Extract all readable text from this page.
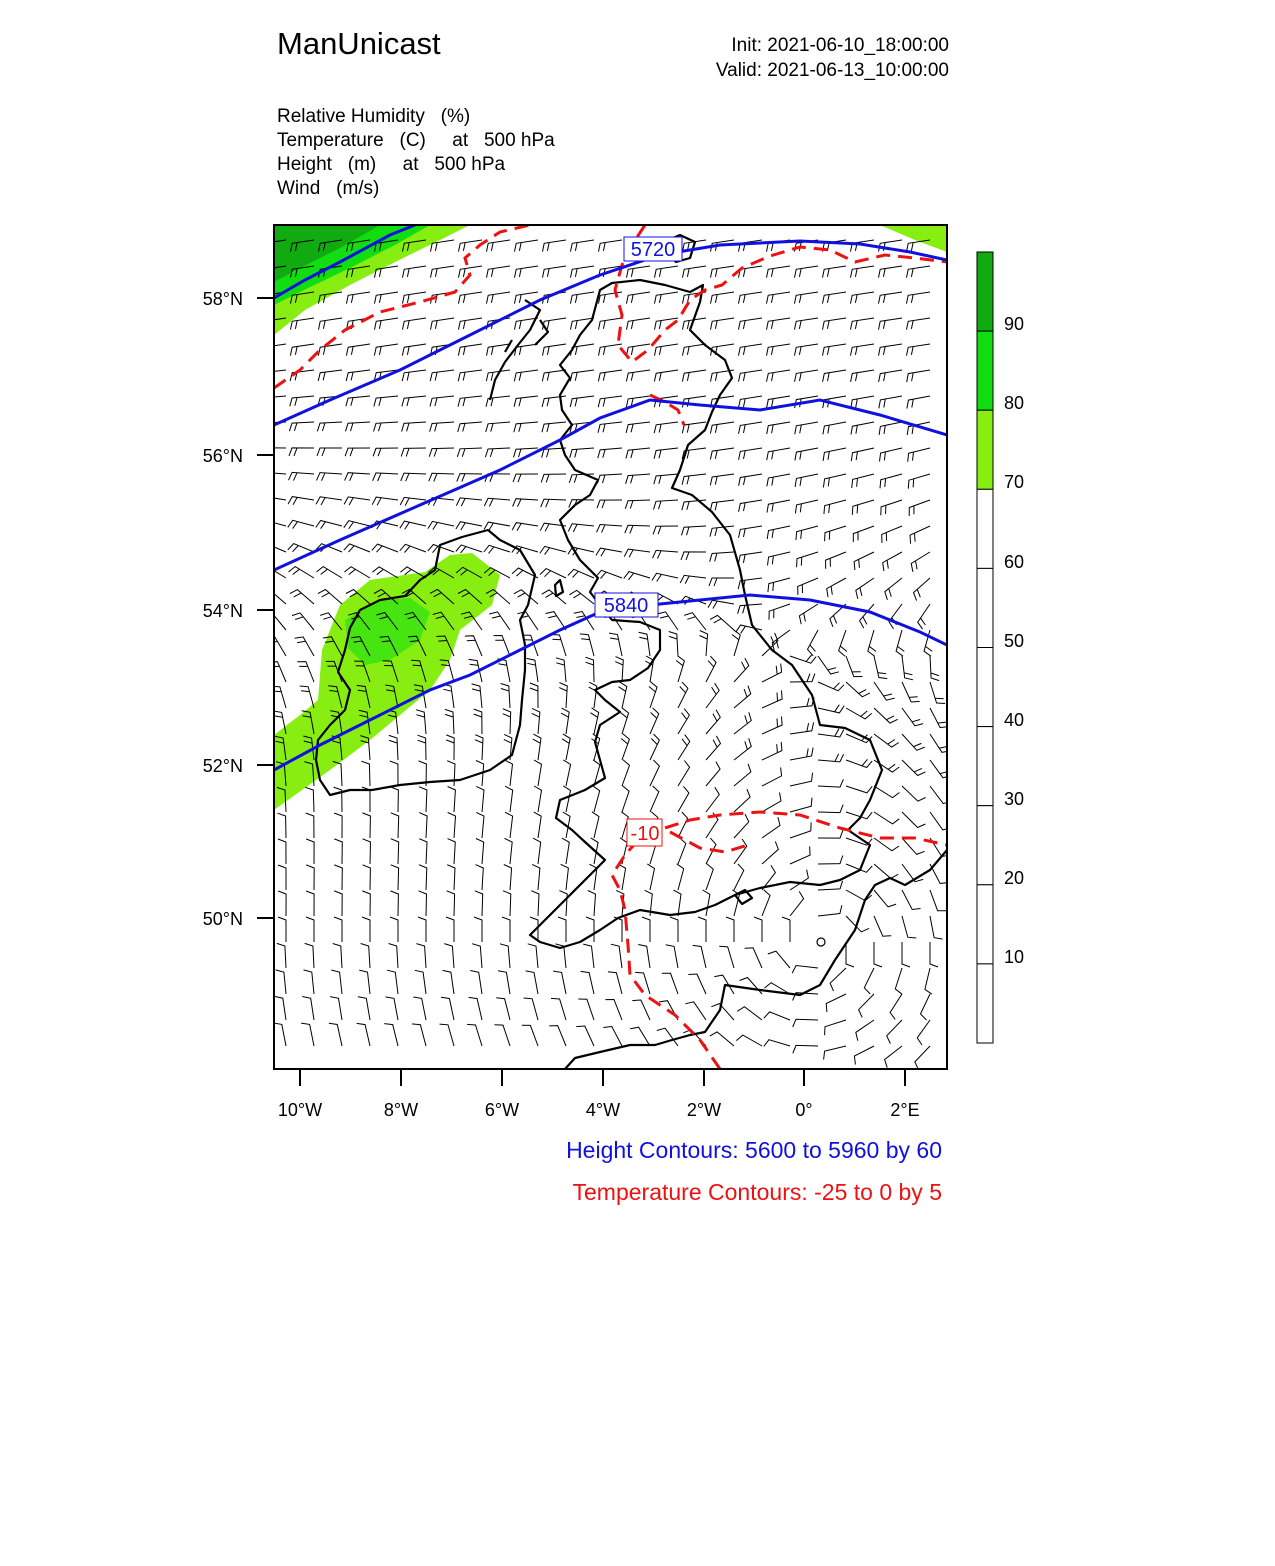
ManUnicast	Init: 2021-06-10_18:00:00
Valid: 2021-06-13_10:00:00
Relative Humidity   (%)
Temperature   (C)     at   500 hPa
Height   (m)     at   500 hPa
Wind   (m/s)
5720
5840
-10
58°N
56°N
54°N
52°N
50°N
10°W	8°W	6°W	4°W	2°W	0°	2°E
90
80
70
60
50
40
30
20
10
Height Contours: 5600 to 5960 by 60
Temperature Contours: -25 to 0 by 5
